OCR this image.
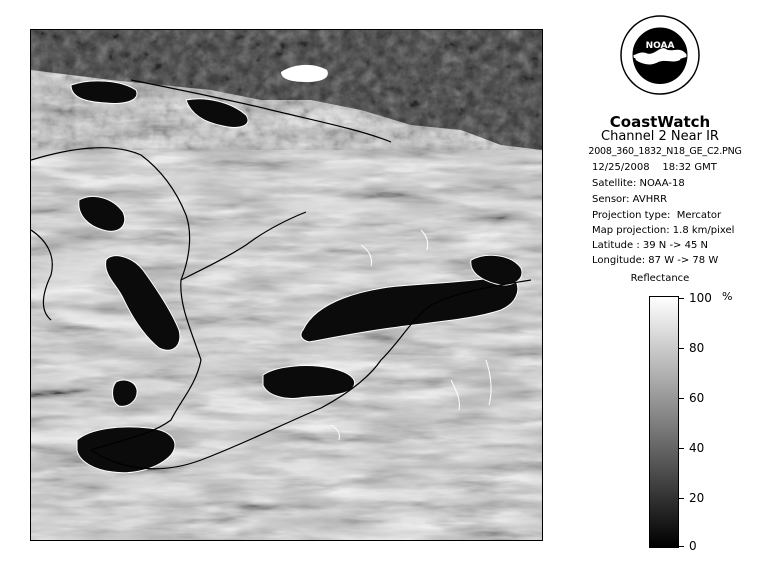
NOAA
CoastWatch
Channel 2 Near IR
2008_360_1832_N18_GE_C2.PNG
12/25/2008    18:32 GMT
Satellite: NOAA-18
Sensor: AVHRR
Projection type:  Mercator
Map projection: 1.8 km/pixel
Latitude : 39 N -> 45 N
Longitude: 87 W -> 78 W
Reflectance
%
100
80
60
40
20
0
